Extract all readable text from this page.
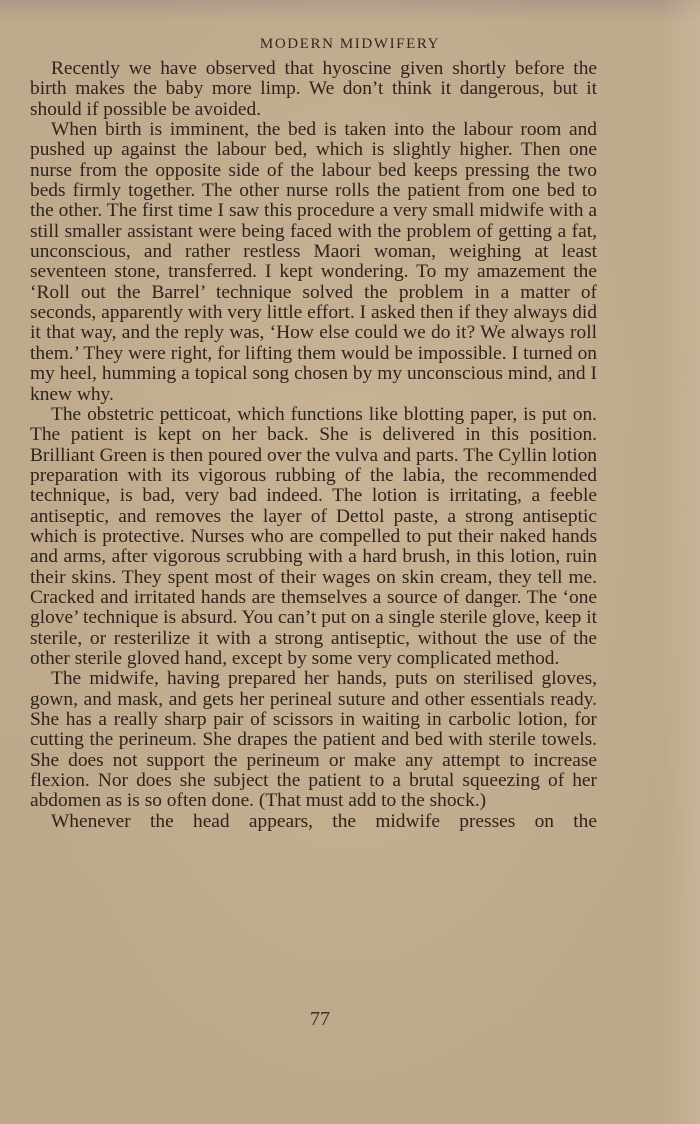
MODERN MIDWIFERY

Recently we have observed that hyoscine given shortly before the birth makes the baby more limp. We don’t think it dangerous, but it should if possible be avoided.

When birth is imminent, the bed is taken into the labour room and pushed up against the labour bed, which is slightly higher. Then one nurse from the opposite side of the labour bed keeps pressing the two beds firmly together. The other nurse rolls the patient from one bed to the other. The first time I saw this procedure a very small midwife with a still smaller assistant were being faced with the problem of getting a fat, unconscious, and rather restless Maori woman, weighing at least seventeen stone, transferred. I kept wondering. To my amazement the ‘Roll out the Barrel’ technique solved the problem in a matter of seconds, apparently with very little effort. I asked then if they always did it that way, and the reply was, ‘How else could we do it? We always roll them.’ They were right, for lifting them would be impossible. I turned on my heel, humming a topical song chosen by my unconscious mind, and I knew why.

The obstetric petticoat, which functions like blotting paper, is put on. The patient is kept on her back. She is delivered in this position. Brilliant Green is then poured over the vulva and parts. The Cyllin lotion preparation with its vigorous rubbing of the labia, the recommended technique, is bad, very bad indeed. The lotion is irritating, a feeble antiseptic, and removes the layer of Dettol paste, a strong antiseptic which is protective. Nurses who are compelled to put their naked hands and arms, after vigorous scrubbing with a hard brush, in this lotion, ruin their skins. They spent most of their wages on skin cream, they tell me. Cracked and irritated hands are themselves a source of danger. The ‘one glove’ technique is absurd. You can’t put on a single sterile glove, keep it sterile, or resterilize it with a strong antiseptic, without the use of the other sterile gloved hand, except by some very complicated method.

The midwife, having prepared her hands, puts on sterilised gloves, gown, and mask, and gets her perineal suture and other essentials ready. She has a really sharp pair of scissors in waiting in carbolic lotion, for cutting the perineum. She drapes the patient and bed with sterile towels. She does not support the perineum or make any attempt to increase flexion. Nor does she subject the patient to a brutal squeezing of her abdomen as is so often done. (That must add to the shock.)

Whenever the head appears, the midwife presses on the

77
